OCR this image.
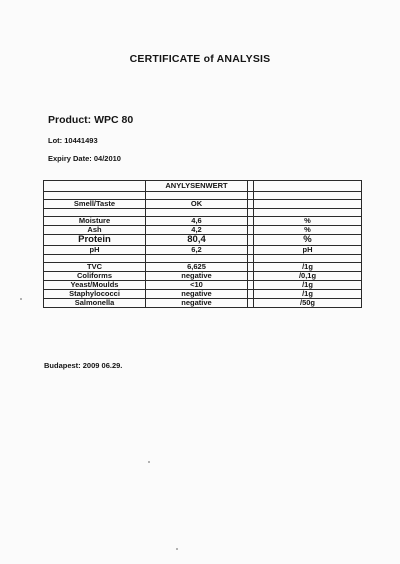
CERTIFICATE of ANALYSIS
Product: WPC 80
Lot: 10441493
Expiry Date: 04/2010
	ANYLYSENWERT		

Smell/Taste	OK		

Moisture	4,6		%
Ash	4,2		%
Protein	80,4		%
pH	6,2		pH

TVC	6,625		/1g
Coliforms	negative		/0,1g
Yeast/Moulds	<10		/1g
Staphylococci	negative		/1g
Salmonella	negative		/50g
Budapest: 2009 06.29.
